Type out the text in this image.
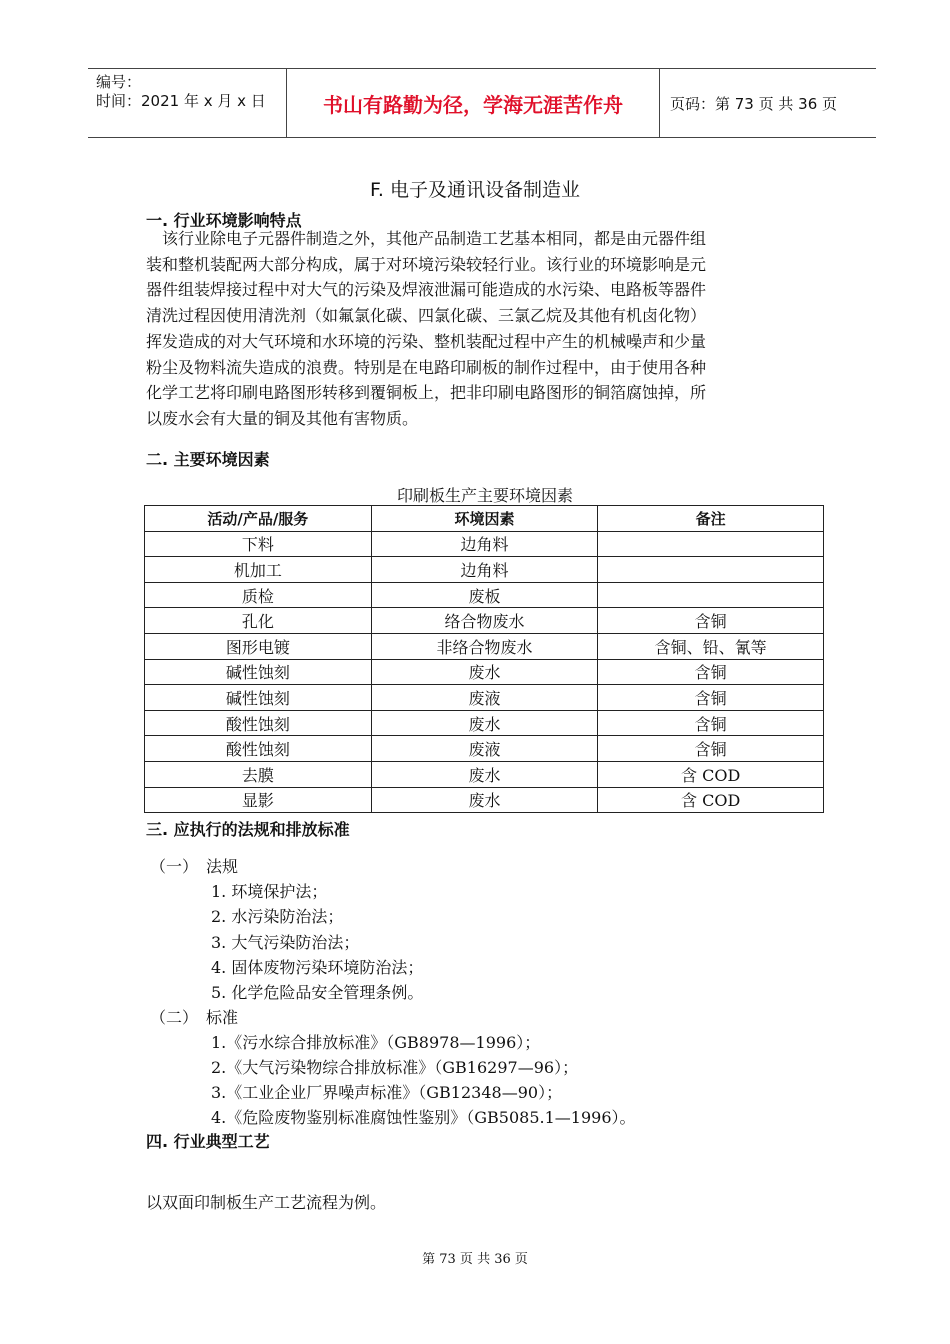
编号：
时间：2021 年 x 月 x 日	书山有路勤为径，学海无涯苦作舟	页码：第 73 页 共 36 页
F. 电子及通讯设备制造业
一. 行业环境影响特点
　该行业除电子元器件制造之外，其他产品制造工艺基本相同，都是由元器件组
装和整机装配两大部分构成，属于对环境污染较轻行业。该行业的环境影响是元
器件组装焊接过程中对大气的污染及焊液泄漏可能造成的水污染、电路板等器件
清洗过程因使用清洗剂（如氟氯化碳、四氯化碳、三氯乙烷及其他有机卤化物）
挥发造成的对大气环境和水环境的污染、整机装配过程中产生的机械噪声和少量
粉尘及物料流失造成的浪费。特别是在电路印刷板的制作过程中，由于使用各种
化学工艺将印刷电路图形转移到覆铜板上，把非印刷电路图形的铜箔腐蚀掉，所
以废水会有大量的铜及其他有害物质。
二. 主要环境因素
印刷板生产主要环境因素
活动/产品/服务	环境因素	备注
下料	边角料	
机加工	边角料	
质检	废板	
孔化	络合物废水	含铜
图形电镀	非络合物废水	含铜、铅、氰等
碱性蚀刻	废水	含铜
碱性蚀刻	废液	含铜
酸性蚀刻	废水	含铜
酸性蚀刻	废液	含铜
去膜	废水	含 COD
显影	废水	含 COD
三. 应执行的法规和排放标准
（一）　法规
1. 环境保护法；
2. 水污染防治法；
3. 大气污染防治法；
4. 固体废物污染环境防治法；
5. 化学危险品安全管理条例。
（二）　标准
1.《污水综合排放标准》（GB8978—1996）；
2.《大气污染物综合排放标准》（GB16297—96）；
3.《工业企业厂界噪声标准》（GB12348—90）；
4.《危险废物鉴别标准腐蚀性鉴别》（GB5085.1—1996）。
四. 行业典型工艺
以双面印制板生产工艺流程为例。
第 73 页 共 36 页
